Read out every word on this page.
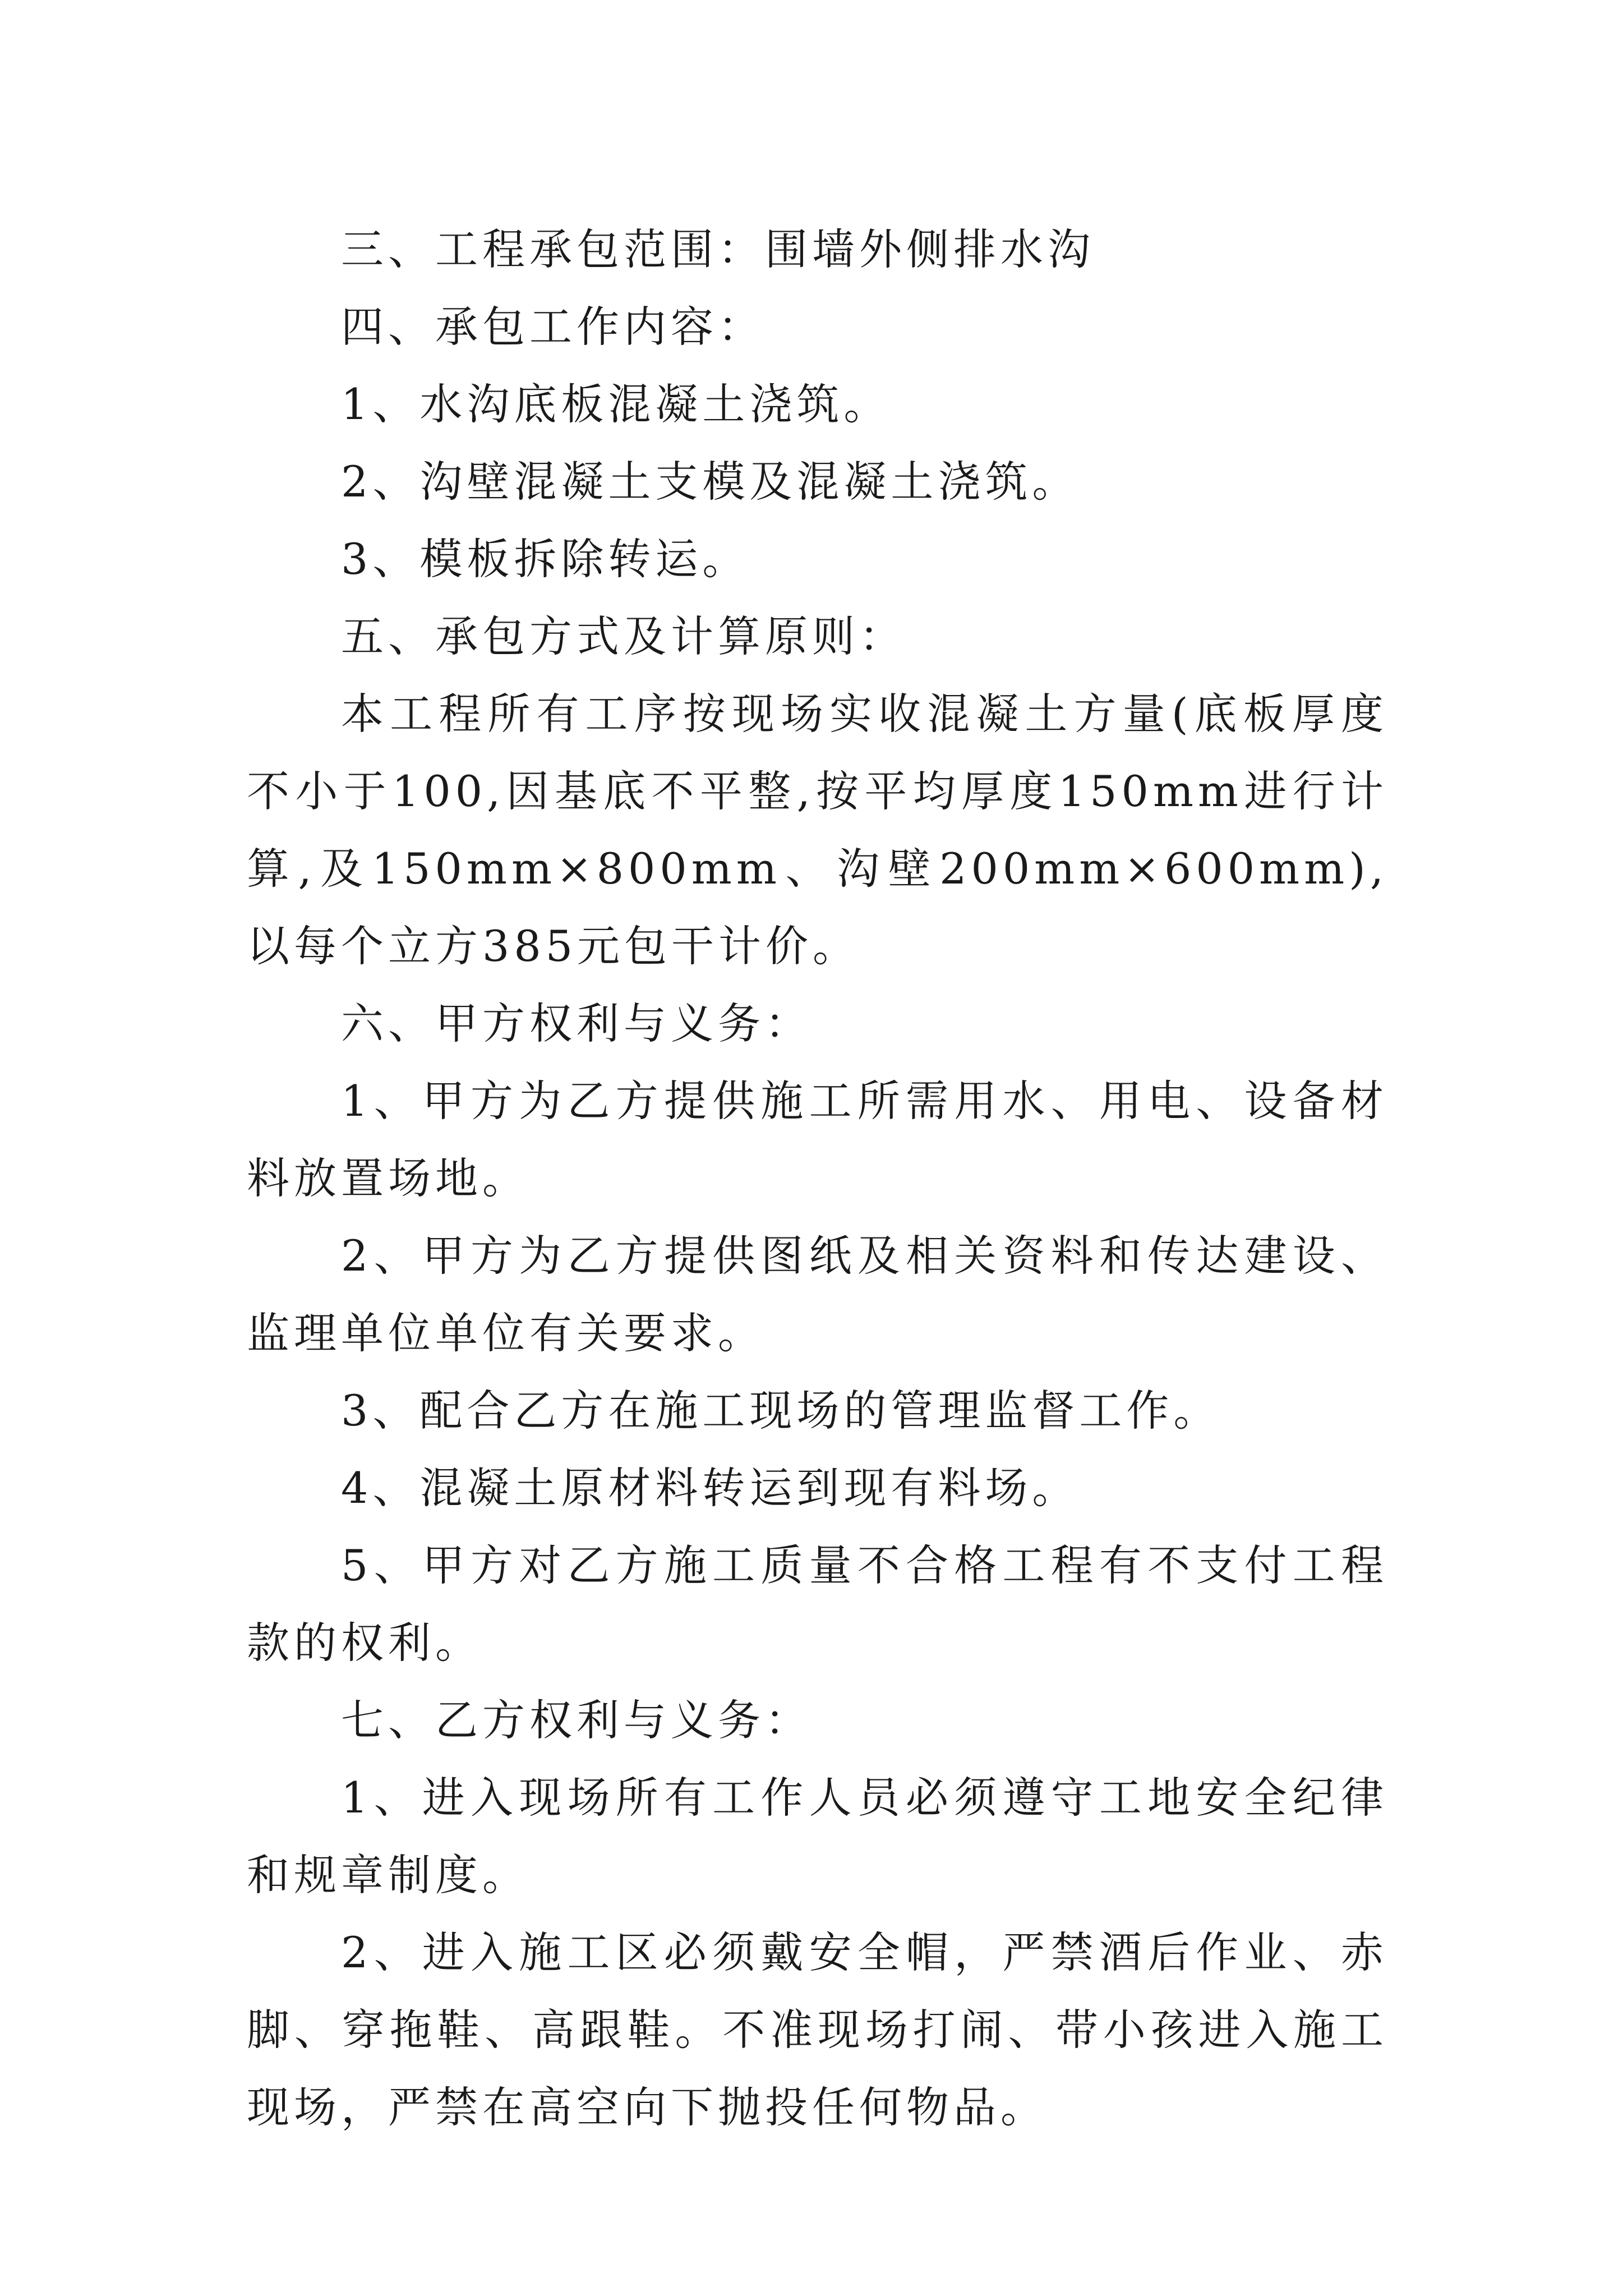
三、工程承包范围：围墙外侧排水沟

四、承包工作内容：

1、水沟底板混凝土浇筑。

2、沟壁混凝土支模及混凝土浇筑。

3、模板拆除转运。

五、承包方式及计算原则：

本工程所有工序按现场实收混凝土方量(底板厚度不小于100,因基底不平整,按平均厚度150mm进行计算,及150mm×800mm、沟壁200mm×600mm),以每个立方385元包干计价。

六、甲方权利与义务：

1、甲方为乙方提供施工所需用水、用电、设备材料放置场地。

2、甲方为乙方提供图纸及相关资料和传达建设、监理单位单位有关要求。

3、配合乙方在施工现场的管理监督工作。

4、混凝土原材料转运到现有料场。

5、甲方对乙方施工质量不合格工程有不支付工程款的权利。

七、乙方权利与义务：

1、进入现场所有工作人员必须遵守工地安全纪律和规章制度。

2、进入施工区必须戴安全帽，严禁酒后作业、赤脚、穿拖鞋、高跟鞋。不准现场打闹、带小孩进入施工现场，严禁在高空向下抛投任何物品。
